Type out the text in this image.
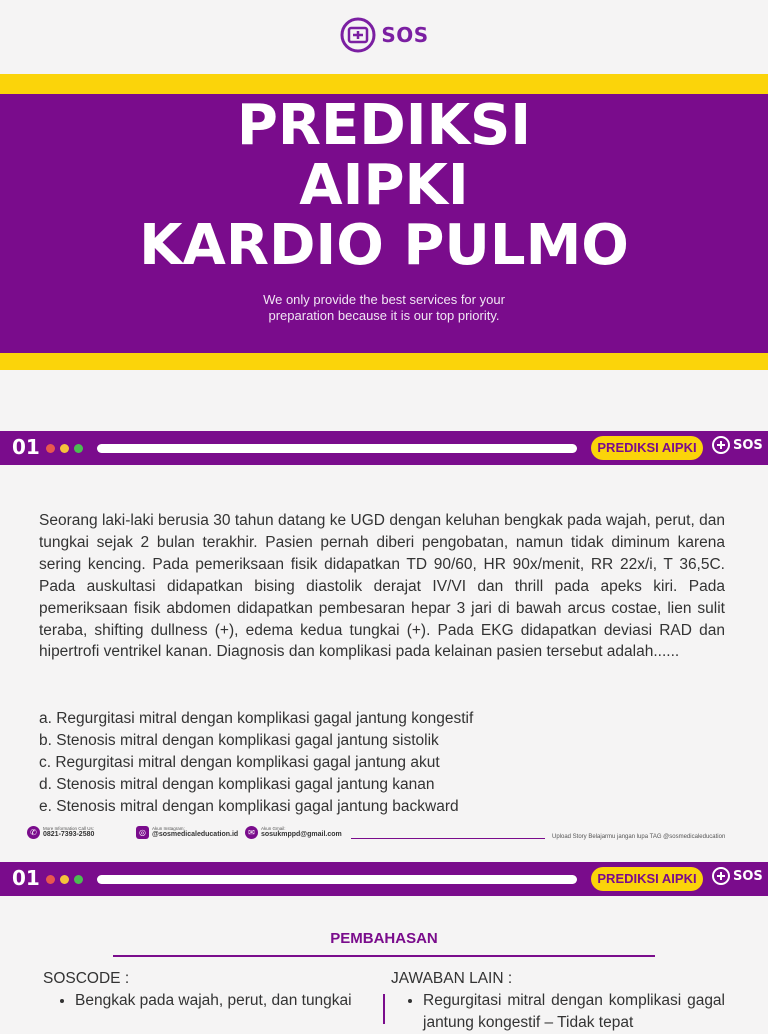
SOS
PREDIKSI
AIPKI
KARDIO PULMO
We only provide the best services for your
preparation because it is our top priority.
01	PREDIKSI AIPKI	SOS
Seorang laki-laki berusia 30 tahun datang ke UGD dengan keluhan bengkak pada wajah, perut, dan tungkai sejak 2 bulan terakhir. Pasien pernah diberi pengobatan, namun tidak diminum karena sering kencing. Pada pemeriksaan fisik didapatkan TD 90/60, HR 90x/menit, RR 22x/i, T 36,5C. Pada auskultasi didapatkan bising diastolik derajat IV/VI dan thrill pada apeks kiri. Pada pemeriksaan fisik abdomen didapatkan pembesaran hepar 3 jari di bawah arcus costae, lien sulit teraba, shifting dullness (+), edema kedua tungkai (+). Pada EKG didapatkan deviasi RAD dan hipertrofi ventrikel kanan. Diagnosis dan komplikasi pada kelainan pasien tersebut adalah......
a. Regurgitasi mitral dengan komplikasi gagal jantung kongestif
b. Stenosis mitral dengan komplikasi gagal jantung sistolik
c. Regurgitasi mitral dengan komplikasi gagal jantung akut
d. Stenosis mitral dengan komplikasi gagal jantung kanan
e. Stenosis mitral dengan komplikasi gagal jantung backward
✆	More Information Call Us:
0821-7393-2580	◎	Akun Instagram:
@sosmedicaleducation.id	✉	Akun Gmail:
sosukmppd@gmail.com	Upload Story Belajarmu jangan lupa TAG @sosmedicaleducation
01	PREDIKSI AIPKI	SOS
PEMBAHASAN
SOSCODE :
• Bengkak pada wajah, perut, dan tungkai
JAWABAN LAIN :
• Regurgitasi mitral dengan komplikasi gagal jantung kongestif – Tidak tepat
